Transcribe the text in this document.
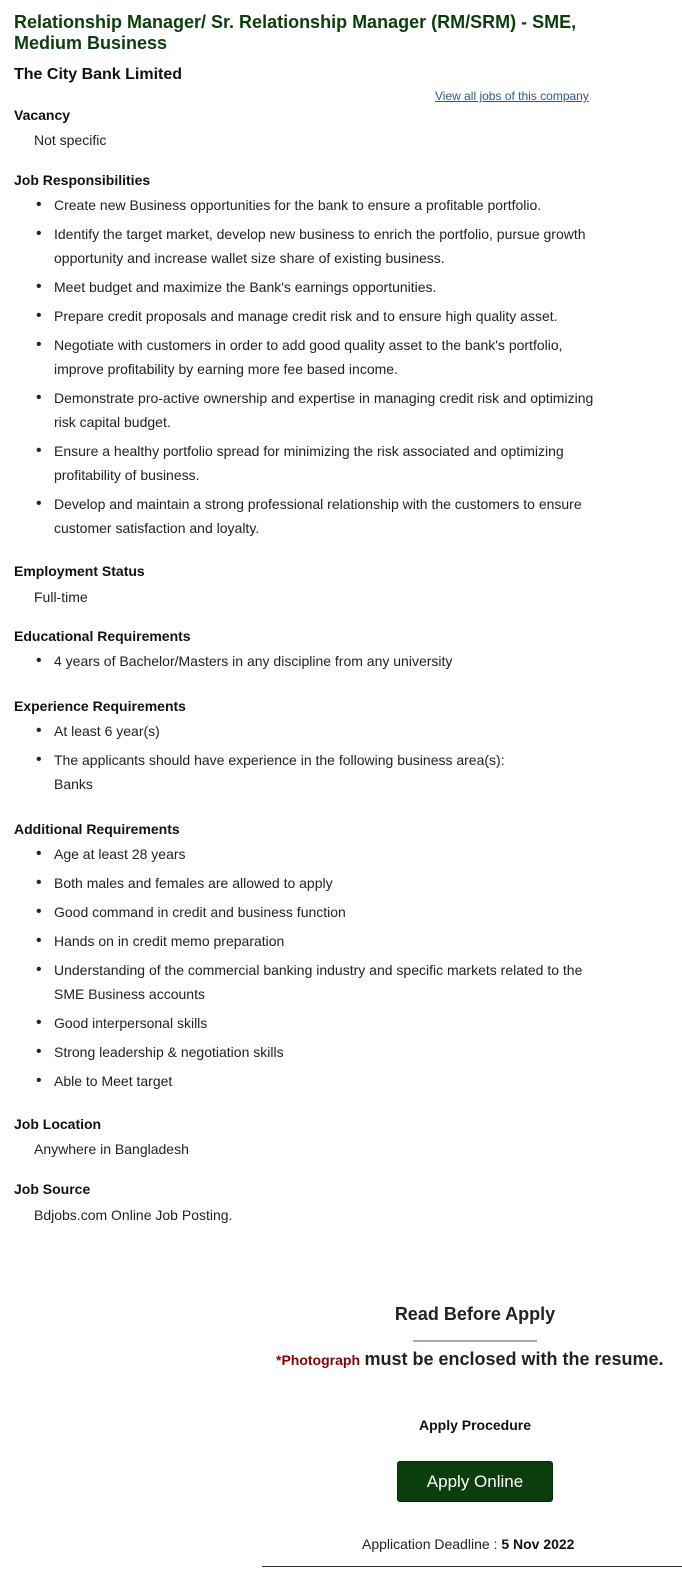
Relationship Manager/ Sr. Relationship Manager (RM/SRM) - SME, Medium Business
The City Bank Limited
View all jobs of this company
Vacancy
Not specific
Job Responsibilities
• Create new Business opportunities for the bank to ensure a profitable portfolio.
• Identify the target market, develop new business to enrich the portfolio, pursue growth opportunity and increase wallet size share of existing business.
• Meet budget and maximize the Bank's earnings opportunities.
• Prepare credit proposals and manage credit risk and to ensure high quality asset.
• Negotiate with customers in order to add good quality asset to the bank's portfolio, improve profitability by earning more fee based income.
• Demonstrate pro-active ownership and expertise in managing credit risk and optimizing risk capital budget.
• Ensure a healthy portfolio spread for minimizing the risk associated and optimizing profitability of business.
• Develop and maintain a strong professional relationship with the customers to ensure customer satisfaction and loyalty.
Employment Status
Full-time
Educational Requirements
• 4 years of Bachelor/Masters in any discipline from any university
Experience Requirements
• At least 6 year(s)
• The applicants should have experience in the following business area(s):
Banks
Additional Requirements
• Age at least 28 years
• Both males and females are allowed to apply
• Good command in credit and business function
• Hands on in credit memo preparation
• Understanding of the commercial banking industry and specific markets related to the SME Business accounts
• Good interpersonal skills
• Strong leadership & negotiation skills
• Able to Meet target
Job Location
Anywhere in Bangladesh
Job Source
Bdjobs.com Online Job Posting.
Read Before Apply
*Photograph must be enclosed with the resume.
Apply Procedure
Apply Online
Application Deadline : 5 Nov 2022
